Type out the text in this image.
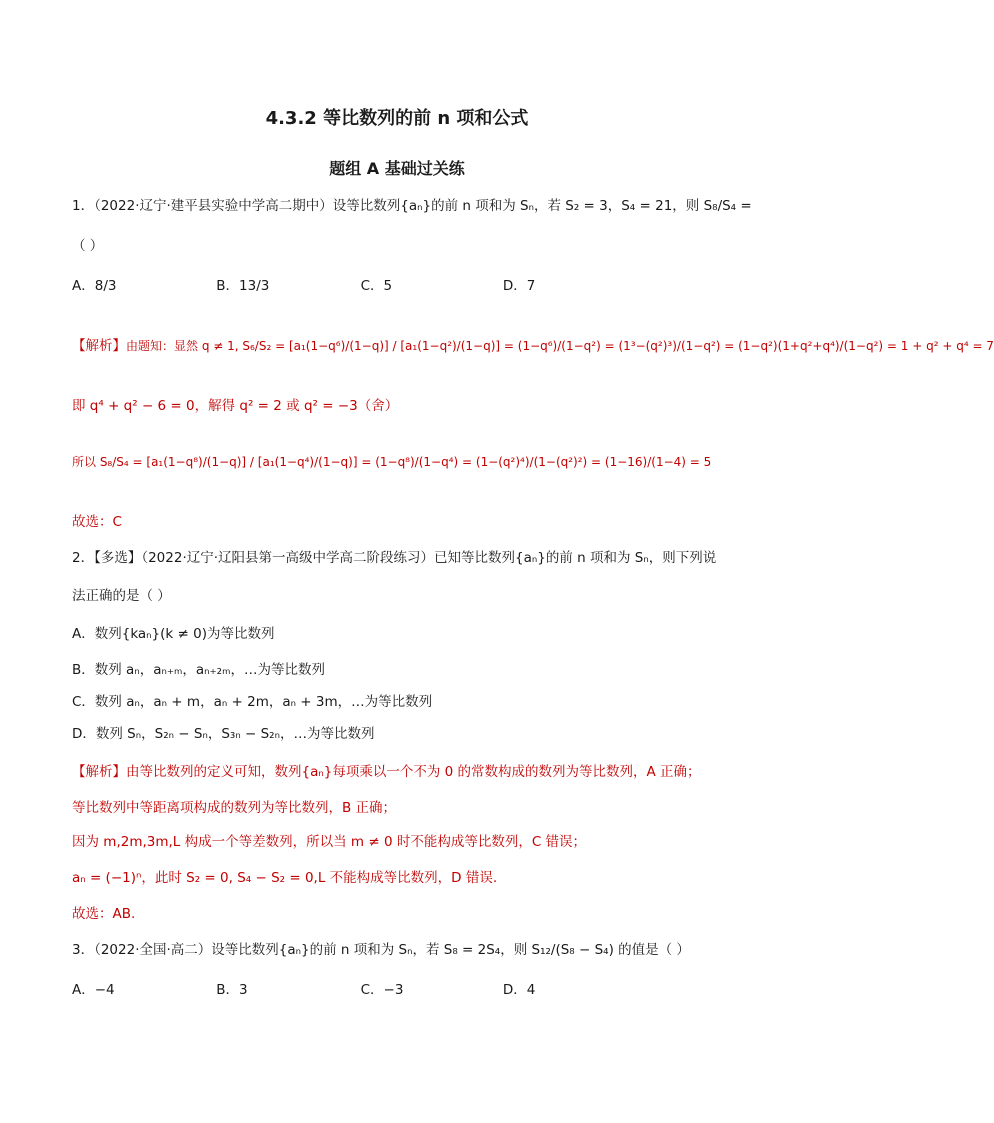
4.3.2 等比数列的前 n 项和公式
题组 A 基础过关练
1．（2022·辽宁·建平县实验中学高二期中）设等比数列{aₙ}的前 n 项和为 Sₙ，若 S₂ = 3，S₄ = 21，则 S₈/S₄ =
（ ）
A．8/3	B．13/3	C．5	D．7
【解析】由题知：显然 q ≠ 1, S₆/S₂ = [a₁(1−q⁶)/(1−q)] / [a₁(1−q²)/(1−q)] = (1−q⁶)/(1−q²) = (1³−(q²)³)/(1−q²) = (1−q²)(1+q²+q⁴)/(1−q²) = 1 + q² + q⁴ = 7
即 q⁴ + q² − 6 = 0，解得 q² = 2 或 q² = −3（舍）
所以 S₈/S₄ = [a₁(1−q⁸)/(1−q)] / [a₁(1−q⁴)/(1−q)] = (1−q⁸)/(1−q⁴) = (1−(q²)⁴)/(1−(q²)²) = (1−16)/(1−4) = 5
故选：C
2．【多选】（2022·辽宁·辽阳县第一高级中学高二阶段练习）已知等比数列{aₙ}的前 n 项和为 Sₙ，则下列说
法正确的是（ ）
A．数列{kaₙ}(k ≠ 0)为等比数列
B．数列 aₙ，aₙ₊ₘ，aₙ₊₂ₘ，…为等比数列
C．数列 aₙ，aₙ + m，aₙ + 2m，aₙ + 3m，…为等比数列
D．数列 Sₙ，S₂ₙ − Sₙ，S₃ₙ − S₂ₙ，…为等比数列
【解析】由等比数列的定义可知，数列{aₙ}每项乘以一个不为 0 的常数构成的数列为等比数列，A 正确；
等比数列中等距离项构成的数列为等比数列，B 正确；
因为 m,2m,3m,L 构成一个等差数列，所以当 m ≠ 0 时不能构成等比数列，C 错误；
aₙ = (−1)ⁿ，此时 S₂ = 0, S₄ − S₂ = 0,L 不能构成等比数列，D 错误.
故选：AB.
3．（2022·全国·高二）设等比数列{aₙ}的前 n 项和为 Sₙ，若 S₈ = 2S₄，则 S₁₂/(S₈ − S₄) 的值是（ ）
A．−4	B．3	C．−3	D．4
